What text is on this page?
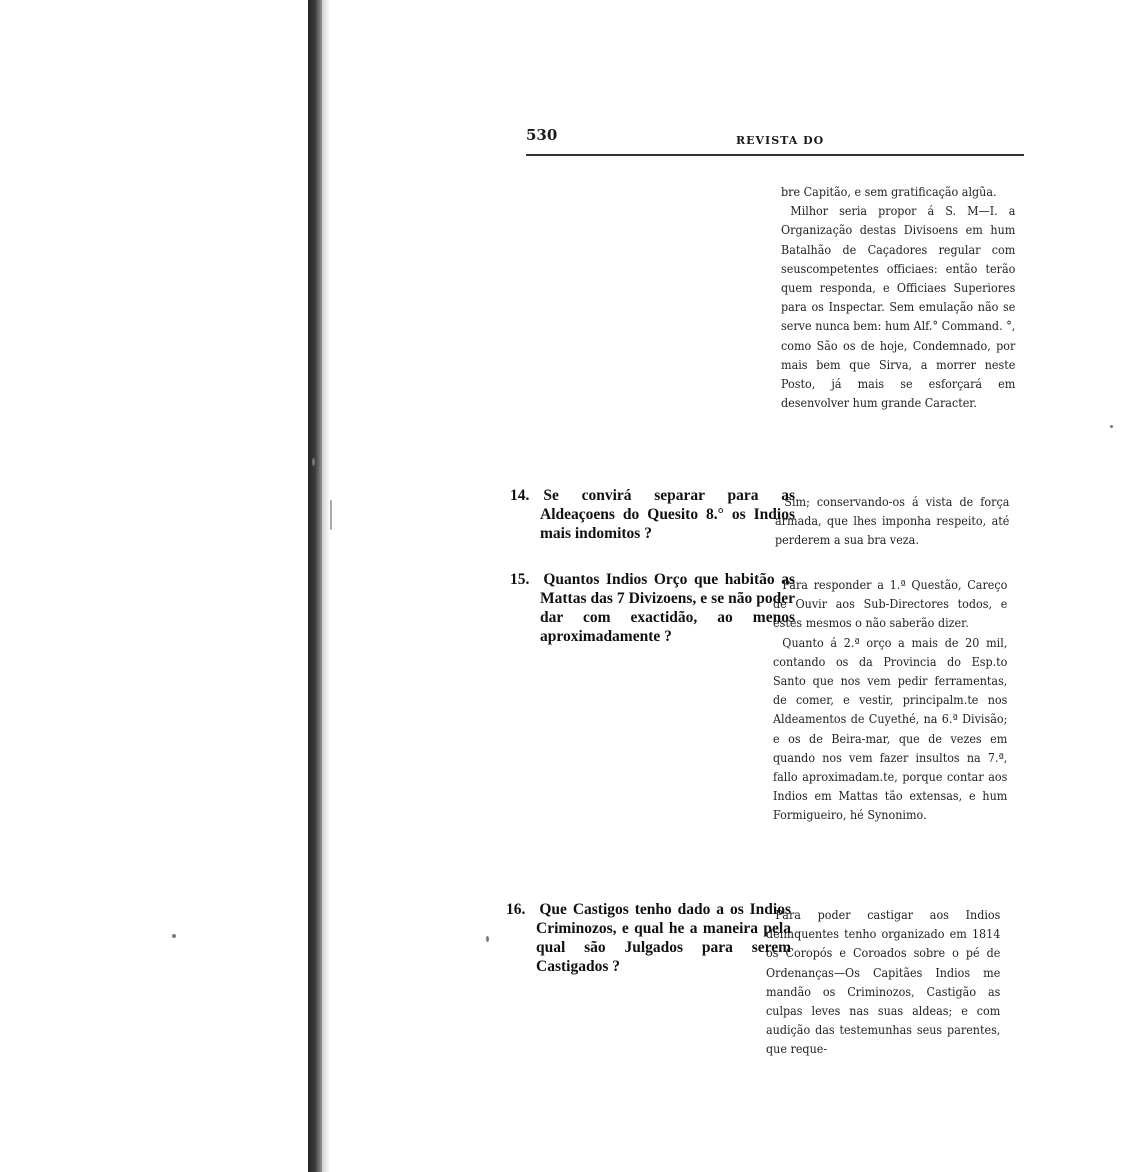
530	REVISTA DO

bre Capitão, e sem gratificação algũa.

Milhor seria propor á S. M—I. a Organização destas Divisoens em hum Batalhão de Caçadores regular com seuscompetentes officiaes: então terão quem responda, e Officiaes Superiores para os Inspectar. Sem emulação não se serve nunca bem: hum Alf.° Command. °, como São os de hoje, Condemnado, por mais bem que Sirva, a morrer neste Posto, já mais se esforçará em desenvolver hum grande Caracter.

14. Se convirá separar para as Aldeaçoens do Quesito 8.° os Indios mais indomitos ?

Sim; conservando-os á vista de força armada, que lhes imponha respeito, até perderem a sua bra veza.

15. Quantos Indios Orço que habitão as Mattas das 7 Divizoens, e se não poder dar com exactidão, ao menos aproximadamente ?

Para responder a 1.ª Questão, Careço de Ouvir aos Sub-Directores todos, e estes mesmos o não saberão dizer.

Quanto á 2.ª orço a mais de 20 mil, contando os da Provincia do Esp.to Santo que nos vem pedir ferramentas, de comer, e vestir, principalm.te nos Aldeamentos de Cuyethé, na 6.ª Divisão; e os de Beira-mar, que de vezes em quando nos vem fazer insultos na 7.ª, fallo aproximadam.te, porque contar aos Indios em Mattas tão extensas, e hum Formigueiro, hé Synonimo.

16. Que Castigos tenho dado a os Indios Criminozos, e qual he a maneira pela qual são Julgados para serem Castigados ?

Para poder castigar aos Indios delinquentes tenho organizado em 1814 os Coropós e Coroados sobre o pé de Ordenanças—Os Capitães Indios me mandão os Criminozos, Castigão as culpas leves nas suas aldeas; e com audição das testemunhas seus parentes, que reque-
